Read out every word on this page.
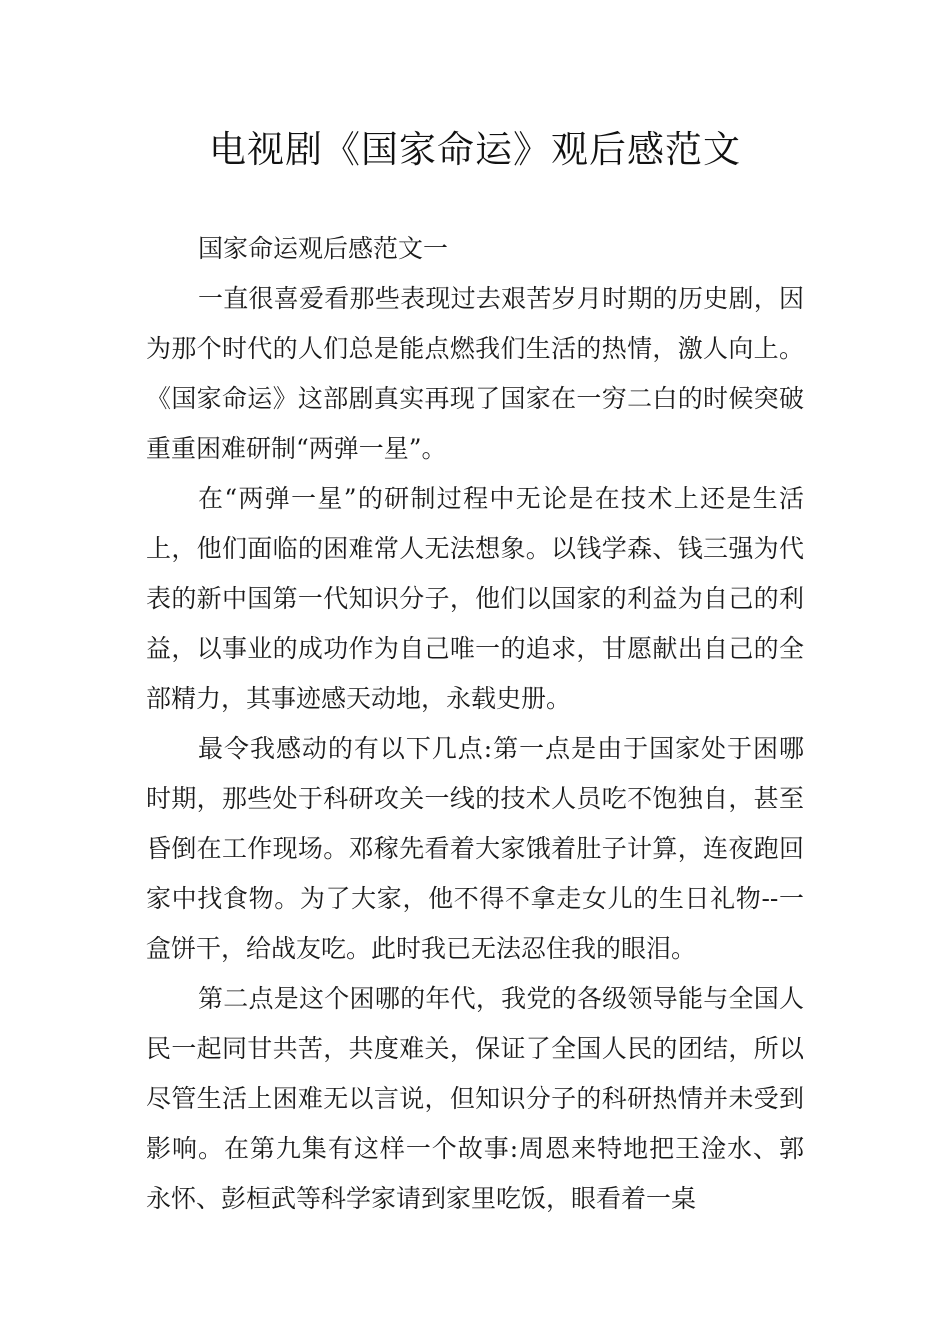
电视剧《国家命运》观后感范文

国家命运观后感范文一

一直很喜爱看那些表现过去艰苦岁月时期的历史剧，因为那个时代的人们总是能点燃我们生活的热情，激人向上。《国家命运》这部剧真实再现了国家在一穷二白的时候突破重重困难研制“两弹一星”。

在“两弹一星”的研制过程中无论是在技术上还是生活上，他们面临的困难常人无法想象。以钱学森、钱三强为代表的新中国第一代知识分子，他们以国家的利益为自己的利益，以事业的成功作为自己唯一的追求，甘愿献出自己的全部精力，其事迹感天动地，永载史册。

最令我感动的有以下几点:第一点是由于国家处于困哪时期，那些处于科研攻关一线的技术人员吃不饱独自，甚至昏倒在工作现场。邓稼先看着大家饿着肚子计算，连夜跑回家中找食物。为了大家，他不得不拿走女儿的生日礼物--一盒饼干，给战友吃。此时我已无法忍住我的眼泪。

第二点是这个困哪的年代，我党的各级领导能与全国人民一起同甘共苦，共度难关，保证了全国人民的团结，所以尽管生活上困难无以言说，但知识分子的科研热情并未受到影响。在第九集有这样一个故事:周恩来特地把王淦水、郭永怀、彭桓武等科学家请到家里吃饭，眼看着一桌
